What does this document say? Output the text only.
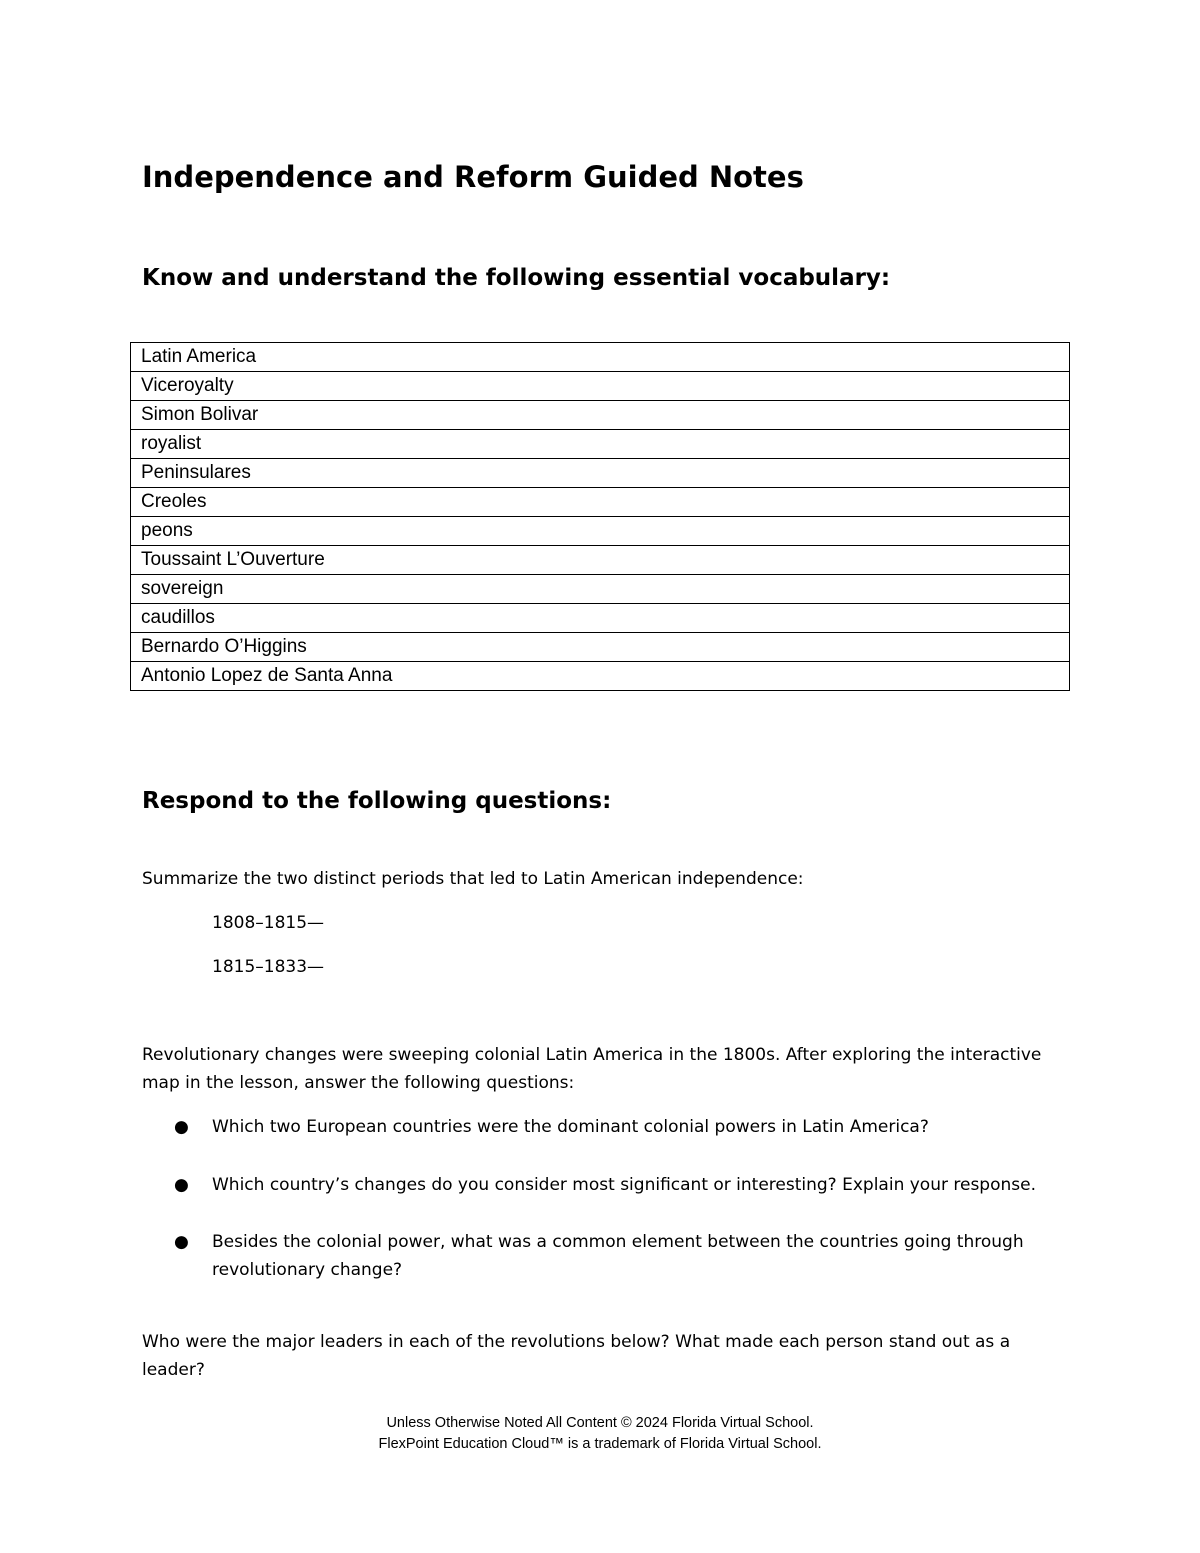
Independence and Reform Guided Notes
Know and understand the following essential vocabulary:
Latin America
Viceroyalty
Simon Bolivar
royalist
Peninsulares
Creoles
peons
Toussaint L’Ouverture
sovereign
caudillos
Bernardo O’Higgins
Antonio Lopez de Santa Anna
Respond to the following questions:
Summarize the two distinct periods that led to Latin American independence:
1808–1815—
1815–1833—
Revolutionary changes were sweeping colonial Latin America in the 1800s. After exploring the interactive map in the lesson, answer the following questions:
● Which two European countries were the dominant colonial powers in Latin America?
● Which country’s changes do you consider most significant or interesting? Explain your response.
● Besides the colonial power, what was a common element between the countries going through revolutionary change?
Who were the major leaders in each of the revolutions below? What made each person stand out as a leader?
Unless Otherwise Noted All Content © 2024 Florida Virtual School.
FlexPoint Education Cloud™ is a trademark of Florida Virtual School.
